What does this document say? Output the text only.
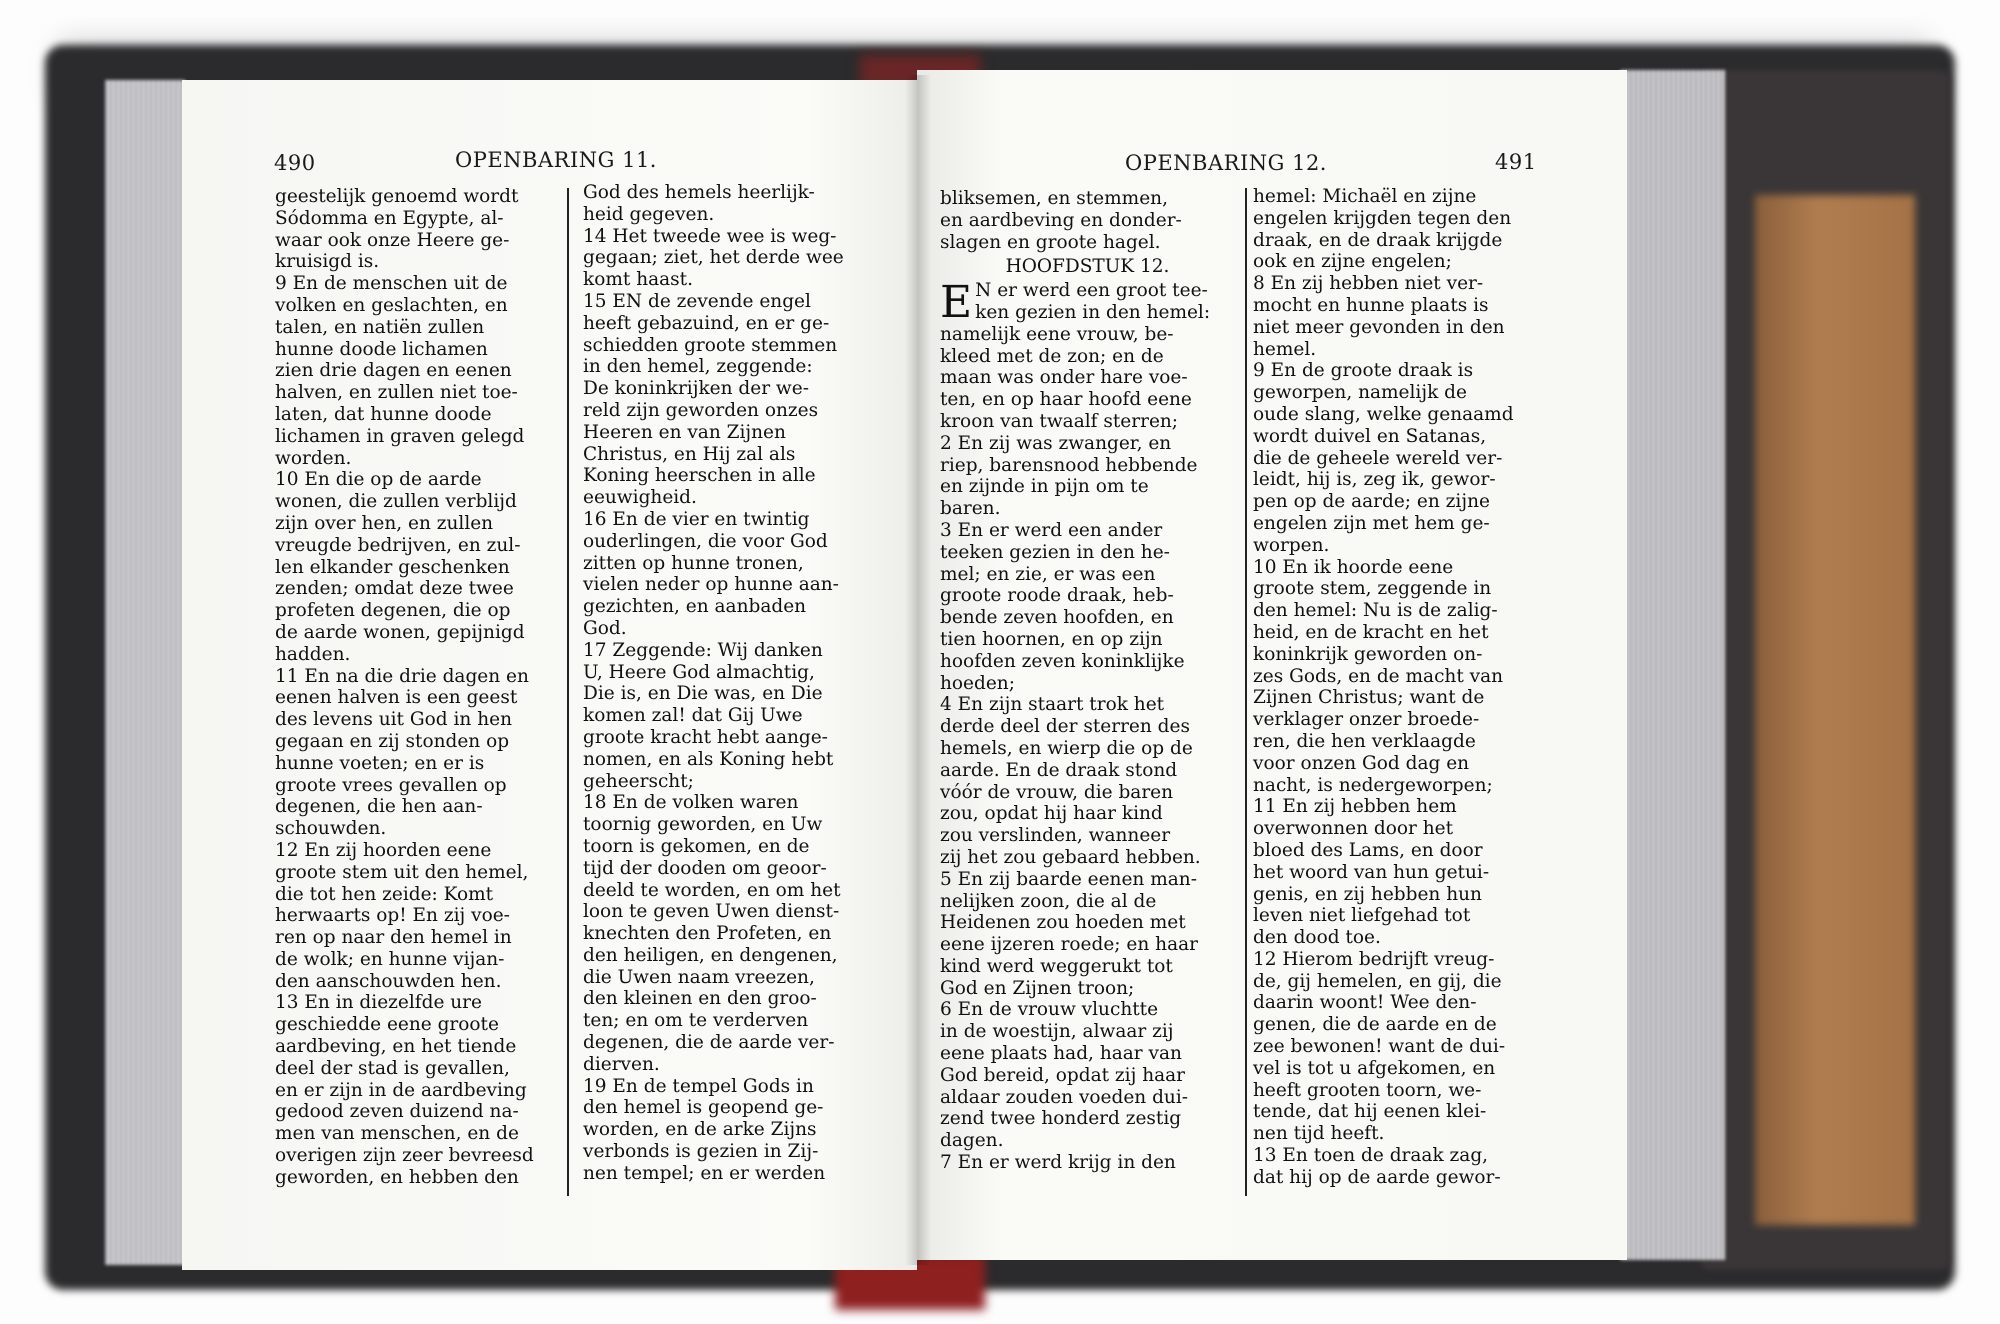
490	OPENBARING 11.
geestelijk genoemd wordt
Sódomma en Egypte, al-
waar ook onze Heere ge-
kruisigd is.
9 En de menschen uit de
volken en geslachten, en
talen, en natiën zullen
hunne doode lichamen
zien drie dagen en eenen
halven, en zullen niet toe-
laten, dat hunne doode
lichamen in graven gelegd
worden.
10 En die op de aarde
wonen, die zullen verblijd
zijn over hen, en zullen
vreugde bedrijven, en zul-
len elkander geschenken
zenden; omdat deze twee
profeten degenen, die op
de aarde wonen, gepijnigd
hadden.
11 En na die drie dagen en
eenen halven is een geest
des levens uit God in hen
gegaan en zij stonden op
hunne voeten; en er is
groote vrees gevallen op
degenen, die hen aan-
schouwden.
12 En zij hoorden eene
groote stem uit den hemel,
die tot hen zeide: Komt
herwaarts op! En zij voe-
ren op naar den hemel in
de wolk; en hunne vijan-
den aanschouwden hen.
13 En in diezelfde ure
geschiedde eene groote
aardbeving, en het tiende
deel der stad is gevallen,
en er zijn in de aardbeving
gedood zeven duizend na-
men van menschen, en de
overigen zijn zeer bevreesd
geworden, en hebben den
God des hemels heerlijk-
heid gegeven.
14 Het tweede wee is weg-
gegaan; ziet, het derde wee
komt haast.
15 EN de zevende engel
heeft gebazuind, en er ge-
schiedden groote stemmen
in den hemel, zeggende:
De koninkrijken der we-
reld zijn geworden onzes
Heeren en van Zijnen
Christus, en Hij zal als
Koning heerschen in alle
eeuwigheid.
16 En de vier en twintig
ouderlingen, die voor God
zitten op hunne tronen,
vielen neder op hunne aan-
gezichten, en aanbaden
God.
17 Zeggende: Wij danken
U, Heere God almachtig,
Die is, en Die was, en Die
komen zal! dat Gij Uwe
groote kracht hebt aange-
nomen, en als Koning hebt
geheerscht;
18 En de volken waren
toornig geworden, en Uw
toorn is gekomen, en de
tijd der dooden om geoor-
deeld te worden, en om het
loon te geven Uwen dienst-
knechten den Profeten, en
den heiligen, en dengenen,
die Uwen naam vreezen,
den kleinen en den groo-
ten; en om te verderven
degenen, die de aarde ver-
dierven.
19 En de tempel Gods in
den hemel is geopend ge-
worden, en de arke Zijns
verbonds is gezien in Zij-
nen tempel; en er werden
OPENBARING 12.	491
bliksemen, en stemmen,
en aardbeving en donder-
slagen en groote hagel.
HOOFDSTUK 12.
E N er werd een groot tee-
ken gezien in den hemel:
namelijk eene vrouw, be-
kleed met de zon; en de
maan was onder hare voe-
ten, en op haar hoofd eene
kroon van twaalf sterren;
2 En zij was zwanger, en
riep, barensnood hebbende
en zijnde in pijn om te
baren.
3 En er werd een ander
teeken gezien in den he-
mel; en zie, er was een
groote roode draak, heb-
bende zeven hoofden, en
tien hoornen, en op zijn
hoofden zeven koninklijke
hoeden;
4 En zijn staart trok het
derde deel der sterren des
hemels, en wierp die op de
aarde. En de draak stond
vóór de vrouw, die baren
zou, opdat hij haar kind
zou verslinden, wanneer
zij het zou gebaard hebben.
5 En zij baarde eenen man-
nelijken zoon, die al de
Heidenen zou hoeden met
eene ijzeren roede; en haar
kind werd weggerukt tot
God en Zijnen troon;
6 En de vrouw vluchtte
in de woestijn, alwaar zij
eene plaats had, haar van
God bereid, opdat zij haar
aldaar zouden voeden dui-
zend twee honderd zestig
dagen.
7 En er werd krijg in den
hemel: Michaël en zijne
engelen krijgden tegen den
draak, en de draak krijgde
ook en zijne engelen;
8 En zij hebben niet ver-
mocht en hunne plaats is
niet meer gevonden in den
hemel.
9 En de groote draak is
geworpen, namelijk de
oude slang, welke genaamd
wordt duivel en Satanas,
die de geheele wereld ver-
leidt, hij is, zeg ik, gewor-
pen op de aarde; en zijne
engelen zijn met hem ge-
worpen.
10 En ik hoorde eene
groote stem, zeggende in
den hemel: Nu is de zalig-
heid, en de kracht en het
koninkrijk geworden on-
zes Gods, en de macht van
Zijnen Christus; want de
verklager onzer broede-
ren, die hen verklaagde
voor onzen God dag en
nacht, is nedergeworpen;
11 En zij hebben hem
overwonnen door het
bloed des Lams, en door
het woord van hun getui-
genis, en zij hebben hun
leven niet liefgehad tot
den dood toe.
12 Hierom bedrijft vreug-
de, gij hemelen, en gij, die
daarin woont! Wee den-
genen, die de aarde en de
zee bewonen! want de dui-
vel is tot u afgekomen, en
heeft grooten toorn, we-
tende, dat hij eenen klei-
nen tijd heeft.
13 En toen de draak zag,
dat hij op de aarde gewor-
